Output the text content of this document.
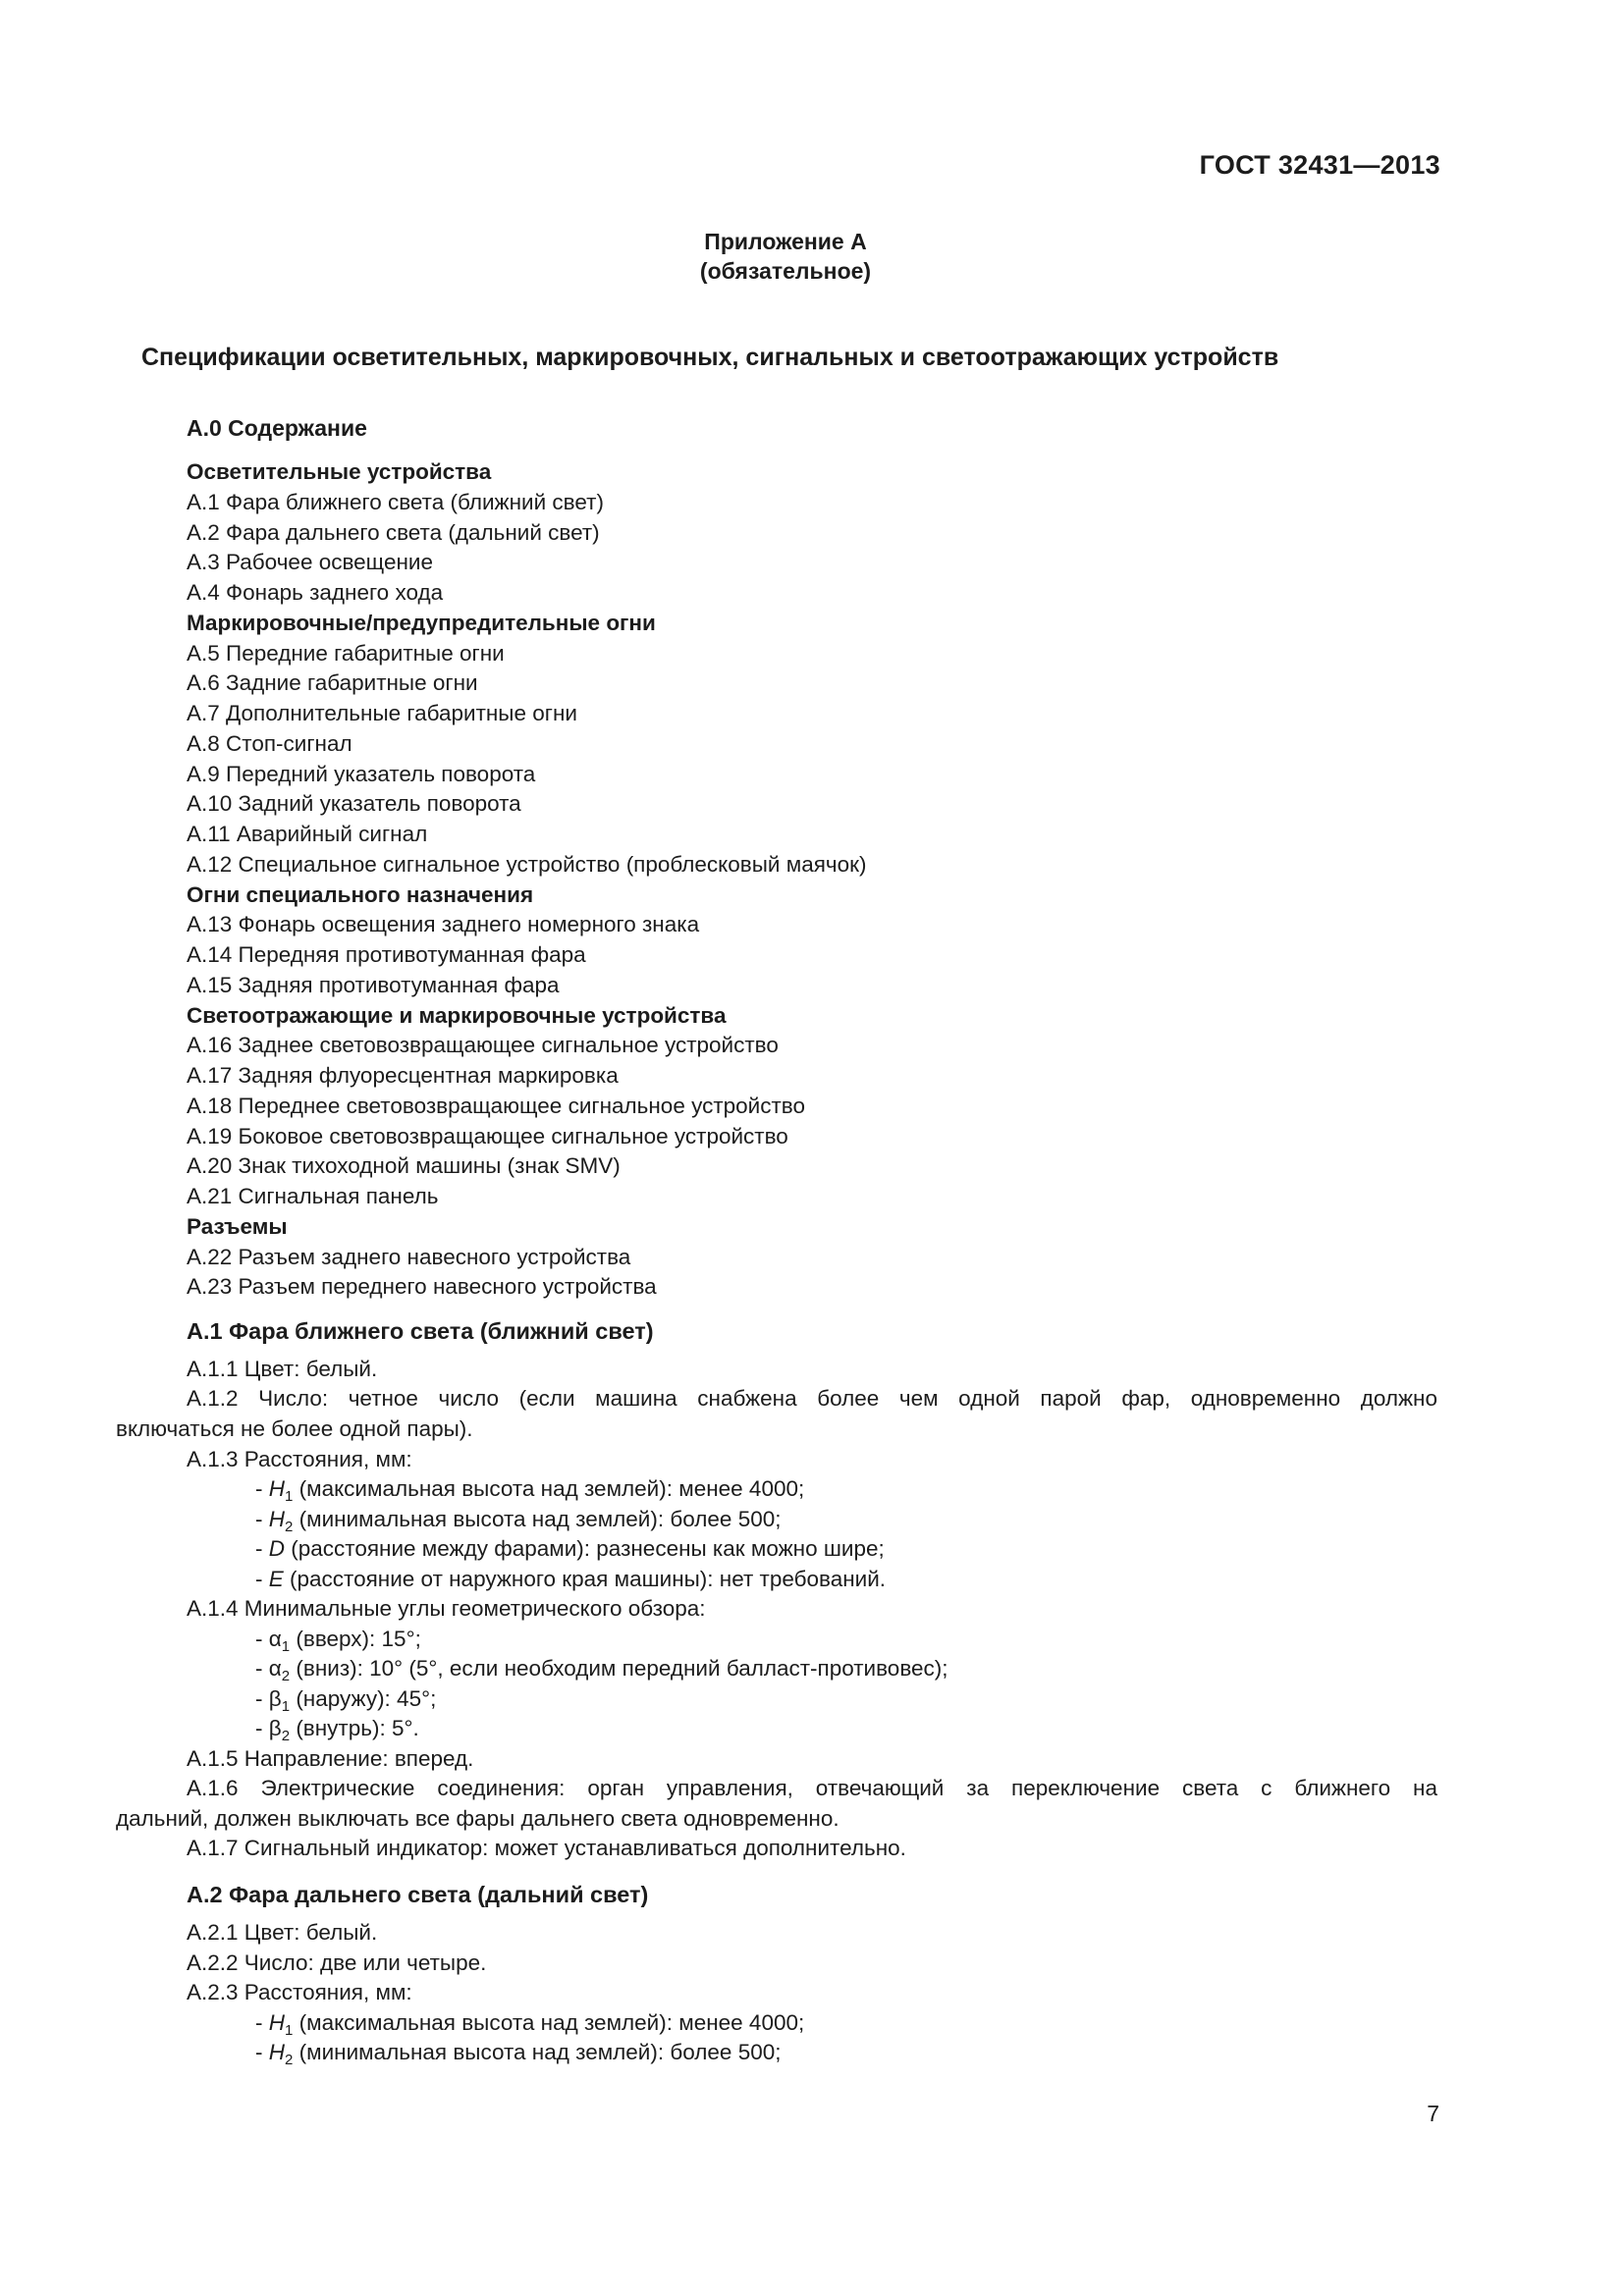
ГОСТ 32431—2013
Приложение А
(обязательное)
Спецификации осветительных, маркировочных, сигнальных и светоотражающих устройств
А.0 Содержание
Осветительные устройства
А.1 Фара ближнего света (ближний свет)
А.2 Фара дальнего света (дальний свет)
А.3 Рабочее освещение
А.4 Фонарь заднего хода
Маркировочные/предупредительные огни
А.5 Передние габаритные огни
А.6 Задние габаритные огни
А.7 Дополнительные габаритные огни
А.8 Стоп-сигнал
А.9 Передний указатель поворота
А.10 Задний указатель поворота
А.11 Аварийный сигнал
А.12 Специальное сигнальное устройство (проблесковый маячок)
Огни специального назначения
А.13 Фонарь освещения заднего номерного знака
А.14 Передняя противотуманная фара
А.15 Задняя противотуманная фара
Светоотражающие и маркировочные устройства
А.16 Заднее световозвращающее сигнальное устройство
А.17 Задняя флуоресцентная маркировка
А.18 Переднее световозвращающее сигнальное устройство
А.19 Боковое световозвращающее сигнальное устройство
А.20 Знак тихоходной машины (знак SMV)
А.21 Сигнальная панель
Разъемы
А.22 Разъем заднего навесного устройства
А.23 Разъем переднего навесного устройства
А.1 Фара ближнего света (ближний свет)
А.1.1 Цвет: белый.
А.1.2 Число: четное число (если машина снабжена более чем одной парой фар, одновременно должно
включаться не более одной пары).
А.1.3 Расстояния, мм:
- $H_1$ (максимальная высота над землей): менее 4000;
- $H_2$ (минимальная высота над землей): более 500;
- D (расстояние между фарами): разнесены как можно шире;
- E (расстояние от наружного края машины): нет требований.
А.1.4 Минимальные углы геометрического обзора:
- $\alpha_1$ (вверх): 15°;
- $\alpha_2$ (вниз): 10° (5°, если необходим передний балласт-противовес);
- $\beta_1$ (наружу): 45°;
- $\beta_2$ (внутрь): 5°.
А.1.5 Направление: вперед.
А.1.6 Электрические соединения: орган управления, отвечающий за переключение света с ближнего на
дальний, должен выключать все фары дальнего света одновременно.
А.1.7 Сигнальный индикатор: может устанавливаться дополнительно.
А.2 Фара дальнего света (дальний свет)
А.2.1 Цвет: белый.
А.2.2 Число: две или четыре.
А.2.3 Расстояния, мм:
- $H_1$ (максимальная высота над землей): менее 4000;
- $H_2$ (минимальная высота над землей): более 500;
7
